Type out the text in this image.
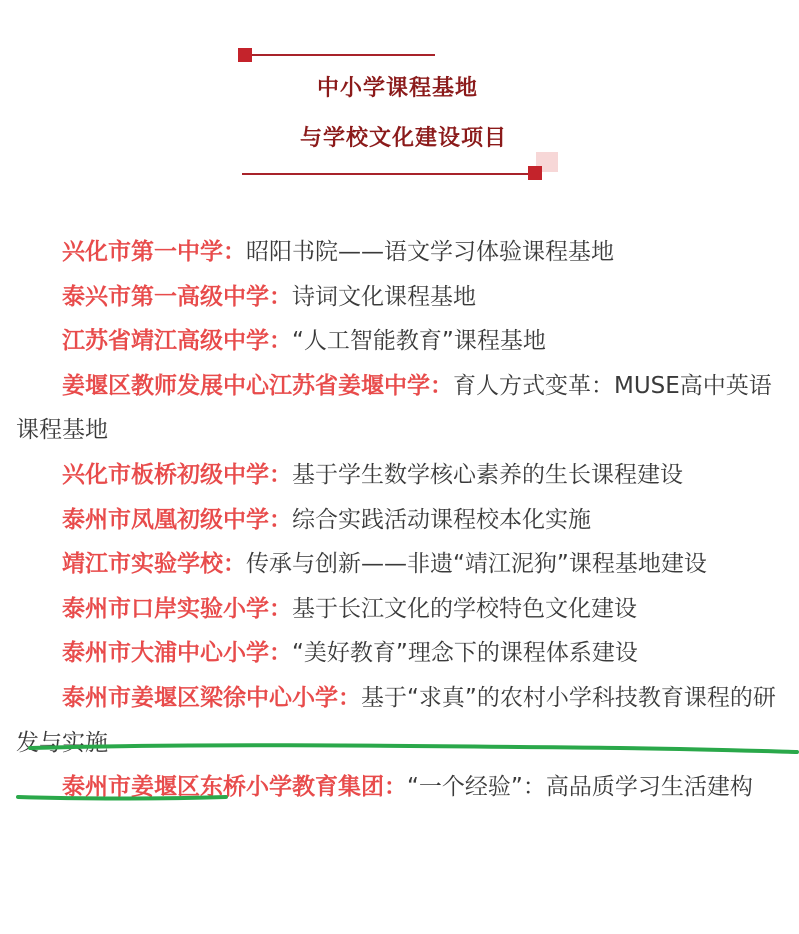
中小学课程基地
与学校文化建设项目

兴化市第一中学：昭阳书院——语文学习体验课程基地

泰兴市第一高级中学：诗词文化课程基地

江苏省靖江高级中学：“人工智能教育”课程基地

姜堰区教师发展中心江苏省姜堰中学：育人方式变革：MUSE高中英语课程基地

兴化市板桥初级中学：基于学生数学核心素养的生长课程建设

泰州市凤凰初级中学：综合实践活动课程校本化实施

靖江市实验学校：传承与创新——非遗“靖江泥狗”课程基地建设

泰州市口岸实验小学：基于长江文化的学校特色文化建设

泰州市大浦中心小学：“美好教育”理念下的课程体系建设

泰州市姜堰区梁徐中心小学：基于“求真”的农村小学科技教育课程的研发与实施

泰州市姜堰区东桥小学教育集团：“一个经验”：高品质学习生活建构
